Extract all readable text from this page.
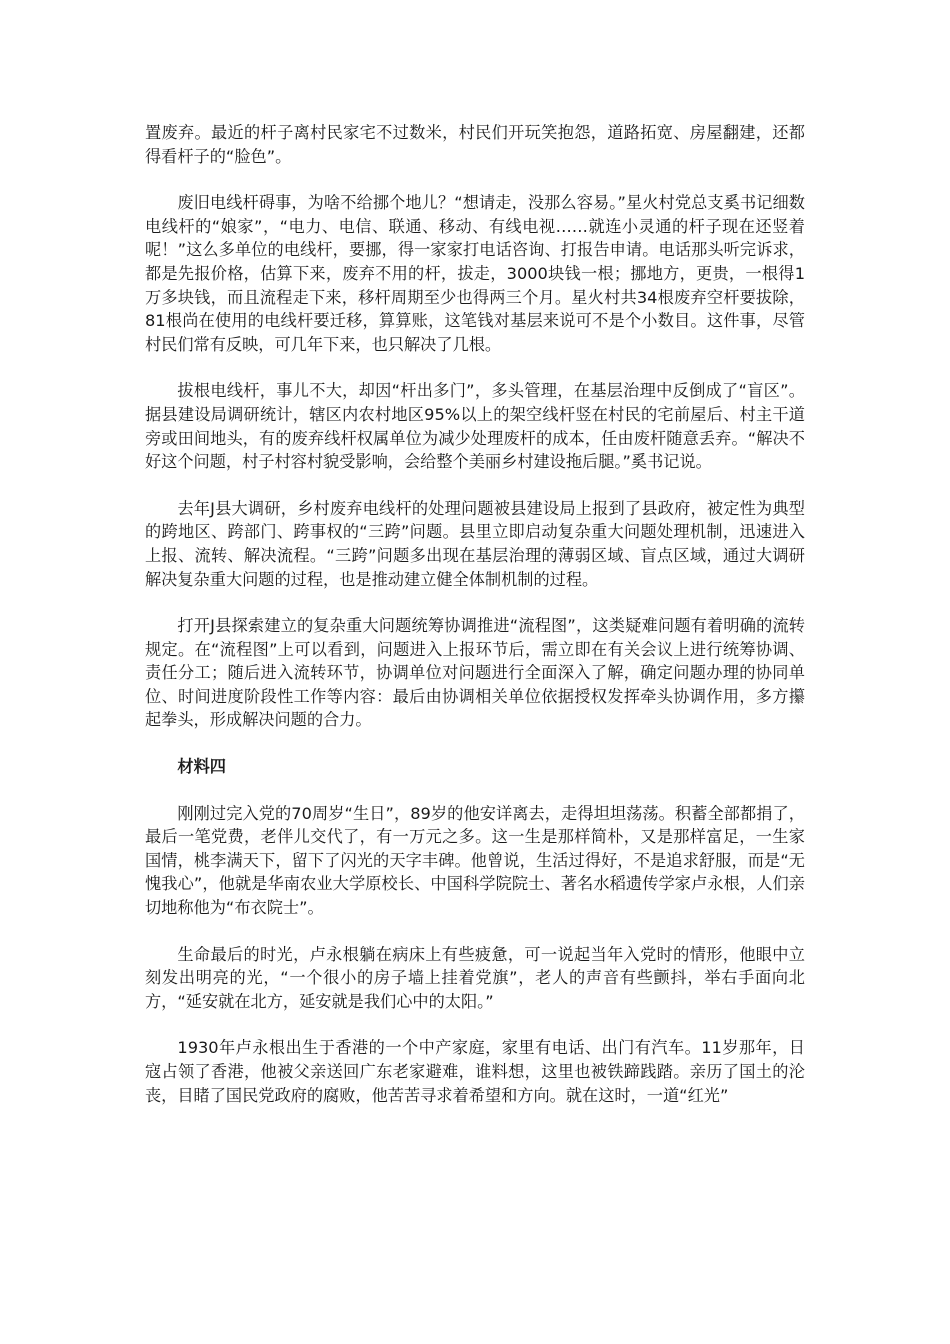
置废弃。最近的杆子离村民家宅不过数米，村民们开玩笑抱怨，道路拓宽、房屋翻建，还都得看杆子的“脸色”。

废旧电线杆碍事，为啥不给挪个地儿？“想请走，没那么容易。”星火村党总支奚书记细数电线杆的“娘家”，“电力、电信、联通、移动、有线电视……就连小灵通的杆子现在还竖着呢！”这么多单位的电线杆，要挪，得一家家打电话咨询、打报告申请。电话那头听完诉求，都是先报价格，估算下来，废弃不用的杆，拔走，3000块钱一根；挪地方，更贵，一根得1万多块钱，而且流程走下来，移杆周期至少也得两三个月。星火村共34根废弃空杆要拔除，81根尚在使用的电线杆要迁移，算算账，这笔钱对基层来说可不是个小数目。这件事，尽管村民们常有反映，可几年下来，也只解决了几根。

拔根电线杆，事儿不大，却因“杆出多门”，多头管理，在基层治理中反倒成了“盲区”。据县建设局调研统计，辖区内农村地区95%以上的架空线杆竖在村民的宅前屋后、村主干道旁或田间地头，有的废弃线杆权属单位为减少处理废杆的成本，任由废杆随意丢弃。“解决不好这个问题，村子村容村貌受影响，会给整个美丽乡村建设拖后腿。”奚书记说。

去年J县大调研，乡村废弃电线杆的处理问题被县建设局上报到了县政府，被定性为典型的跨地区、跨部门、跨事权的“三跨”问题。县里立即启动复杂重大问题处理机制，迅速进入上报、流转、解决流程。“三跨”问题多出现在基层治理的薄弱区域、盲点区域，通过大调研解决复杂重大问题的过程，也是推动建立健全体制机制的过程。

打开J县探索建立的复杂重大问题统筹协调推进“流程图”，这类疑难问题有着明确的流转规定。在“流程图”上可以看到，问题进入上报环节后，需立即在有关会议上进行统筹协调、责任分工；随后进入流转环节，协调单位对问题进行全面深入了解，确定问题办理的协同单位、时间进度阶段性工作等内容：最后由协调相关单位依据授权发挥牵头协调作用，多方攥起拳头，形成解决问题的合力。

材料四

刚刚过完入党的70周岁“生日”，89岁的他安详离去，走得坦坦荡荡。积蓄全部都捐了，最后一笔党费，老伴儿交代了，有一万元之多。这一生是那样简朴，又是那样富足，一生家国情，桃李满天下，留下了闪光的天字丰碑。他曾说，生活过得好，不是追求舒服，而是“无愧我心”，他就是华南农业大学原校长、中国科学院院士、著名水稻遗传学家卢永根，人们亲切地称他为“布衣院士”。

生命最后的时光，卢永根躺在病床上有些疲惫，可一说起当年入党时的情形，他眼中立刻发出明亮的光，“一个很小的房子墙上挂着党旗”，老人的声音有些颤抖，举右手面向北方，“延安就在北方，延安就是我们心中的太阳。”

1930年卢永根出生于香港的一个中产家庭，家里有电话、出门有汽车。11岁那年，日寇占领了香港，他被父亲送回广东老家避难，谁料想，这里也被铁蹄践踏。亲历了国土的沦丧，目睹了国民党政府的腐败，他苦苦寻求着希望和方向。就在这时，一道“红光”
